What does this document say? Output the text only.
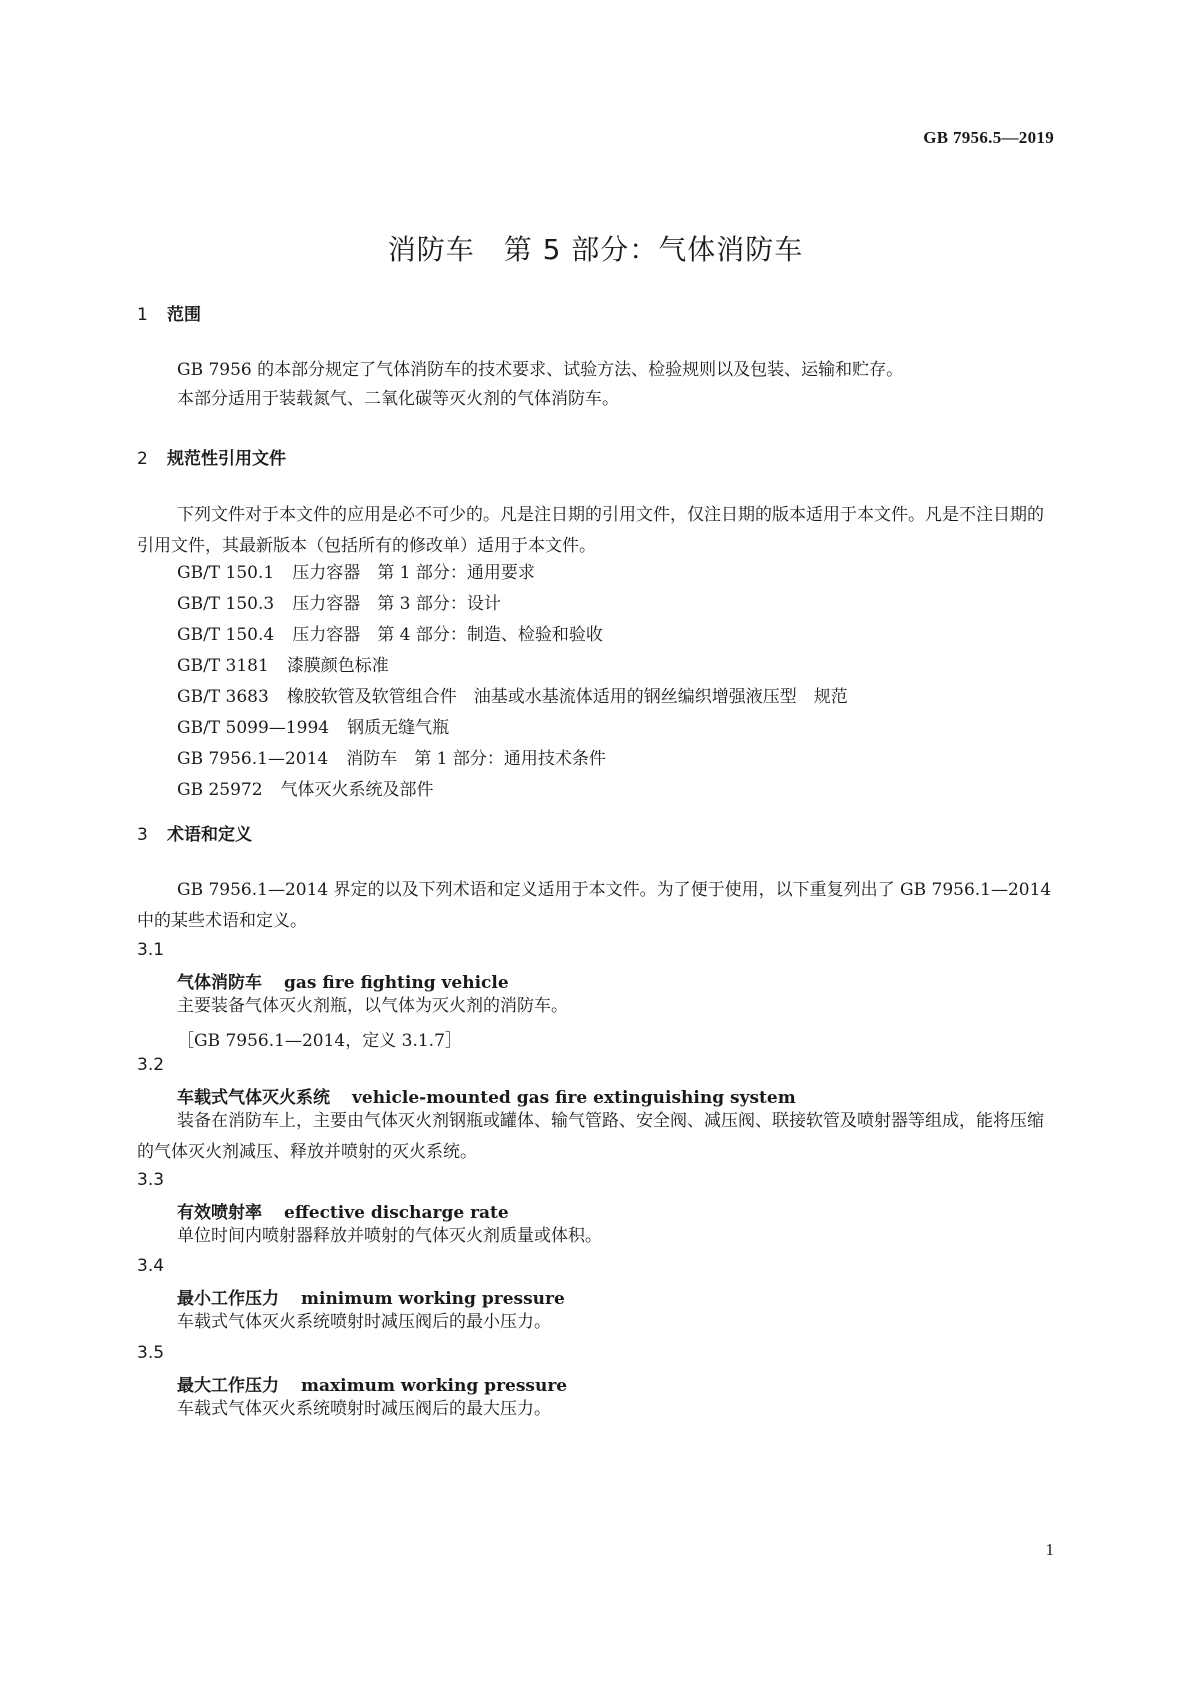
GB 7956.5—2019
消防车　第 5 部分：气体消防车
1 范围
GB 7956 的本部分规定了气体消防车的技术要求、试验方法、检验规则以及包装、运输和贮存。
本部分适用于装载氮气、二氧化碳等灭火剂的气体消防车。
2 规范性引用文件
下列文件对于本文件的应用是必不可少的。凡是注日期的引用文件，仅注日期的版本适用于本文件。凡是不注日期的引用文件，其最新版本（包括所有的修改单）适用于本文件。
GB/T 150.1 压力容器　第 1 部分：通用要求
GB/T 150.3 压力容器　第 3 部分：设计
GB/T 150.4 压力容器　第 4 部分：制造、检验和验收
GB/T 3181 漆膜颜色标准
GB/T 3683 橡胶软管及软管组合件　油基或水基流体适用的钢丝编织增强液压型　规范
GB/T 5099—1994 钢质无缝气瓶
GB 7956.1—2014 消防车　第 1 部分：通用技术条件
GB 25972 气体灭火系统及部件
3 术语和定义
GB 7956.1—2014 界定的以及下列术语和定义适用于本文件。为了便于使用，以下重复列出了 GB 7956.1—2014 中的某些术语和定义。
3.1
气体消防车 gas fire fighting vehicle
主要装备气体灭火剂瓶，以气体为灭火剂的消防车。
［GB 7956.1—2014，定义 3.1.7］
3.2
车载式气体灭火系统 vehicle-mounted gas fire extinguishing system
装备在消防车上，主要由气体灭火剂钢瓶或罐体、输气管路、安全阀、减压阀、联接软管及喷射器等组成，能将压缩的气体灭火剂减压、释放并喷射的灭火系统。
3.3
有效喷射率 effective discharge rate
单位时间内喷射器释放并喷射的气体灭火剂质量或体积。
3.4
最小工作压力 minimum working pressure
车载式气体灭火系统喷射时减压阀后的最小压力。
3.5
最大工作压力 maximum working pressure
车载式气体灭火系统喷射时减压阀后的最大压力。
1
